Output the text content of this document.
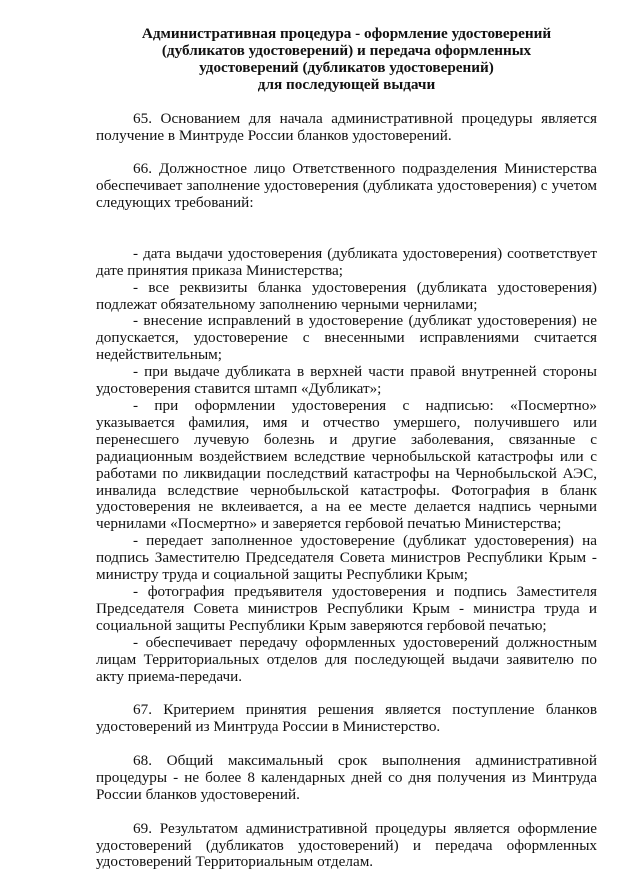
Административная процедура - оформление удостоверений
(дубликатов удостоверений) и передача оформленных
удостоверений (дубликатов удостоверений)
для последующей выдачи

65. Основанием для начала административной процедуры является получение в Минтруде России бланков удостоверений.

66. Должностное лицо Ответственного подразделения Министерства обеспечивает заполнение удостоверения (дубликата удостоверения) с учетом следующих требований:

- дата выдачи удостоверения (дубликата удостоверения) соответствует дате принятия приказа Министерства;

- все реквизиты бланка удостоверения (дубликата удостоверения) подлежат обязательному заполнению черными чернилами;

- внесение исправлений в удостоверение (дубликат удостоверения) не допускается, удостоверение с внесенными исправлениями считается недействительным;

- при выдаче дубликата в верхней части правой внутренней стороны удостоверения ставится штамп «Дубликат»;

- при оформлении удостоверения с надписью: «Посмертно» указывается фамилия, имя и отчество умершего, получившего или перенесшего лучевую болезнь и другие заболевания, связанные с радиационным воздействием вследствие чернобыльской катастрофы или с работами по ликвидации последствий катастрофы на Чернобыльской АЭС, инвалида вследствие чернобыльской катастрофы. Фотография в бланк удостоверения не вклеивается, а на ее месте делается надпись черными чернилами «Посмертно» и заверяется гербовой печатью Министерства;

- передает заполненное удостоверение (дубликат удостоверения) на подпись Заместителю Председателя Совета министров Республики Крым - министру труда и социальной защиты Республики Крым;

- фотография предъявителя удостоверения и подпись Заместителя Председателя Совета министров Республики Крым - министра труда и социальной защиты Республики Крым заверяются гербовой печатью;

- обеспечивает передачу оформленных удостоверений должностным лицам Территориальных отделов для последующей выдачи заявителю по акту приема-передачи.

67. Критерием принятия решения является поступление бланков удостоверений из Минтруда России в Министерство.

68. Общий максимальный срок выполнения административной процедуры - не более 8 календарных дней со дня получения из Минтруда России бланков удостоверений.

69. Результатом административной процедуры является оформление удостоверений (дубликатов удостоверений) и передача оформленных удостоверений Территориальным отделам.
